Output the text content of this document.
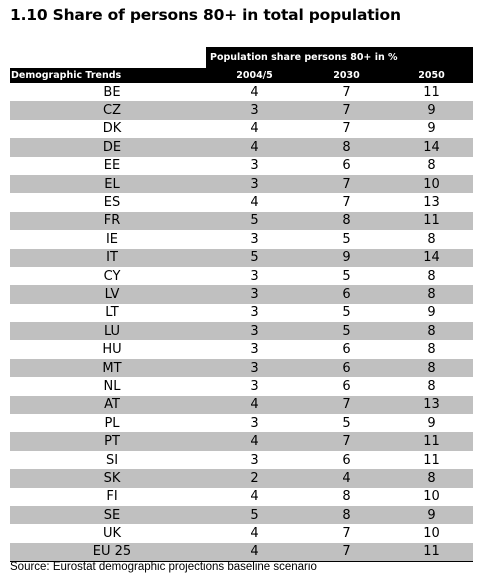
1.10 Share of persons 80+ in total population
Population share persons 80+ in %
Demographic Trends	2004/5	2030	2050
BE	4	7	11
CZ	3	7	9
DK	4	7	9
DE	4	8	14
EE	3	6	8
EL	3	7	10
ES	4	7	13
FR	5	8	11
IE	3	5	8
IT	5	9	14
CY	3	5	8
LV	3	6	8
LT	3	5	9
LU	3	5	8
HU	3	6	8
MT	3	6	8
NL	3	6	8
AT	4	7	13
PL	3	5	9
PT	4	7	11
SI	3	6	11
SK	2	4	8
FI	4	8	10
SE	5	8	9
UK	4	7	10
EU 25	4	7	11
Source: Eurostat demographic projections baseline scenario
